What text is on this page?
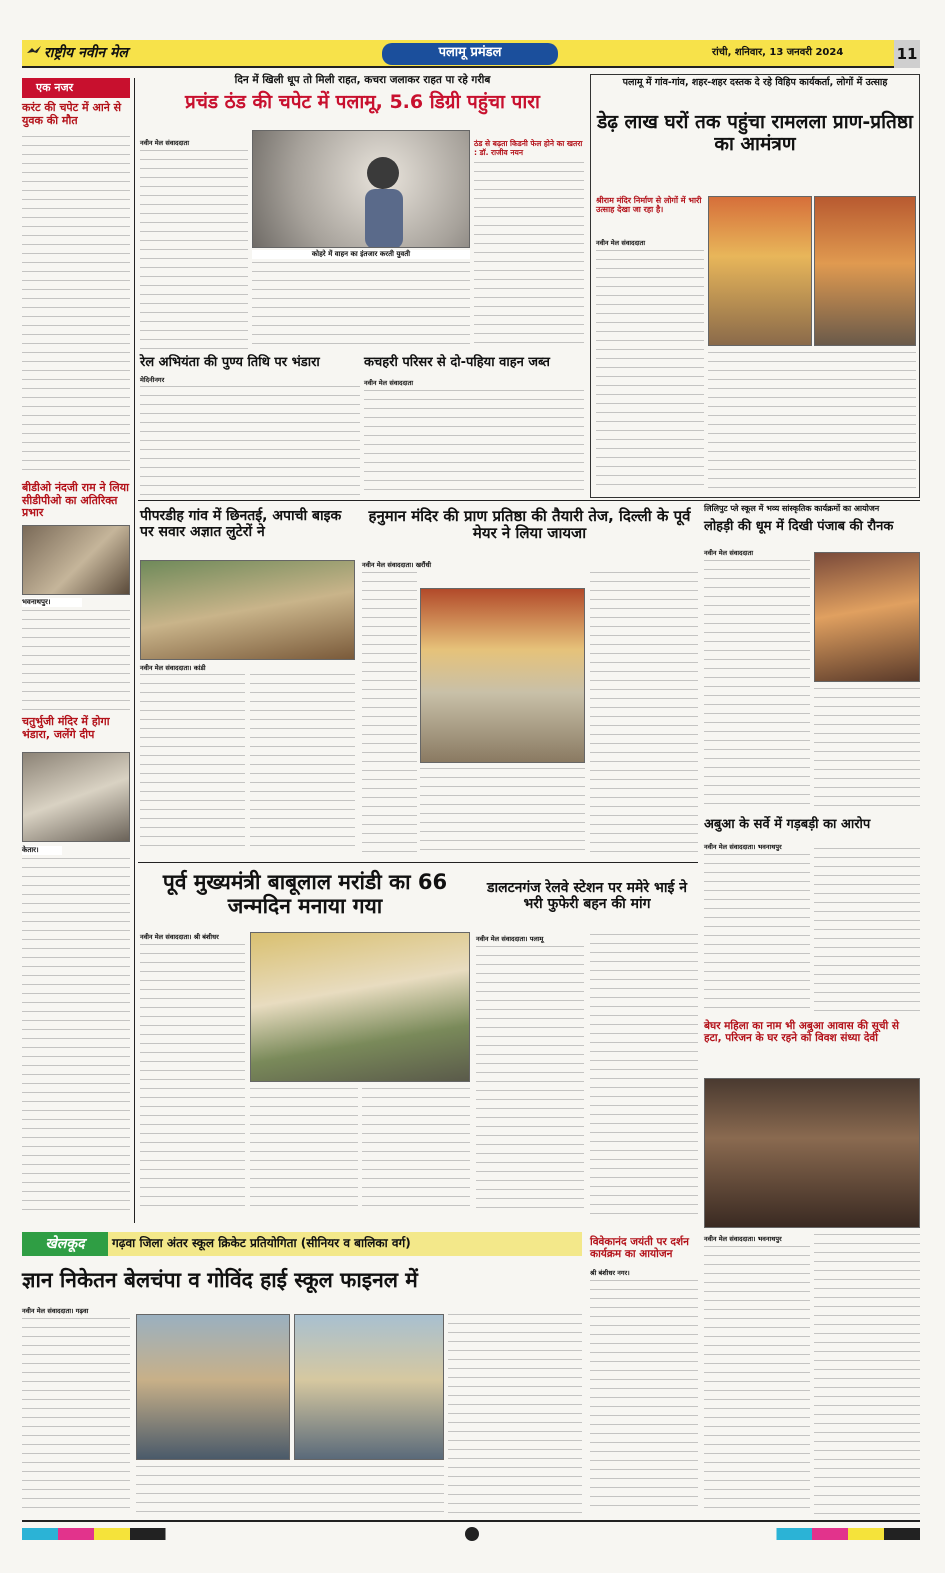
राष्ट्रीय नवीन मेल	पलामू प्रमंडल	रांची, शनिवार, 13 जनवरी 2024	11
एक नजर
करंट की चपेट में आने से युवक की मौत
बीडीओ नंदजी राम ने लिया सीडीपीओ का अतिरिक्त प्रभार
भवनाथपुर।
चतुर्भुजी मंदिर में होगा भंडारा, जलेंगे दीप
केतार।
दिन में खिली धूप तो मिली राहत, कचरा जलाकर राहत पा रहे गरीब
प्रचंड ठंड की चपेट में पलामू, 5.6 डिग्री पहुंचा पारा
नवीन मेल संवाददाता
कोहरे में वाहन का इंतजार करती युवती
ठंड से बढ़ता किडनी फेल होने का खतरा : डॉ. राजीव नयन
रेल अभियंता की पुण्य तिथि पर भंडारा
मेदिनीनगर
कचहरी परिसर से दो-पहिया वाहन जब्त
नवीन मेल संवाददाता
पलामू में गांव-गांव, शहर-शहर दस्तक दे रहे विहिप कार्यकर्ता, लोगों में उत्साह
डेढ़ लाख घरों तक पहुंचा रामलला प्राण-प्रतिष्ठा का आमंत्रण
श्रीराम मंदिर निर्माण से लोगों में भारी उत्साह देखा जा रहा है।
नवीन मेल संवाददाता
पीपरडीह गांव में छिनतई, अपाची बाइक पर सवार अज्ञात लुटेरों ने
नवीन मेल संवाददाता। कांडी
हनुमान मंदिर की प्राण प्रतिष्ठा की तैयारी तेज, दिल्ली के पूर्व मेयर ने लिया जायजा
नवीन मेल संवाददाता। खरौंधी
लिलिपुट प्ले स्कूल में भव्य सांस्कृतिक कार्यक्रमों का आयोजन
लोहड़ी की धूम में दिखी पंजाब की रौनक
नवीन मेल संवाददाता
अबुआ के सर्वे में गड़बड़ी का आरोप
नवीन मेल संवाददाता। भवनाथपुर
बेघर महिला का नाम भी अबुआ आवास की सूची से हटा, परिजन के घर रहने को विवश संध्या देवी
नवीन मेल संवाददाता। भवनाथपुर
पूर्व मुख्यमंत्री बाबूलाल मरांडी का 66 जन्मदिन मनाया गया
नवीन मेल संवाददाता। श्री बंशीधर
डालटनगंज रेलवे स्टेशन पर ममेरे भाई ने भरी फुफेरी बहन की मांग
नवीन मेल संवाददाता। पलामू
खेलकूद	गढ़वा जिला अंतर स्कूल क्रिकेट प्रतियोगिता (सीनियर व बालिका वर्ग)
ज्ञान निकेतन बेलचंपा व गोविंद हाई स्कूल फाइनल में
नवीन मेल संवाददाता। गढ़वा
विवेकानंद जयंती पर दर्शन कार्यक्रम का आयोजन
श्री बंशीधर नगर।
